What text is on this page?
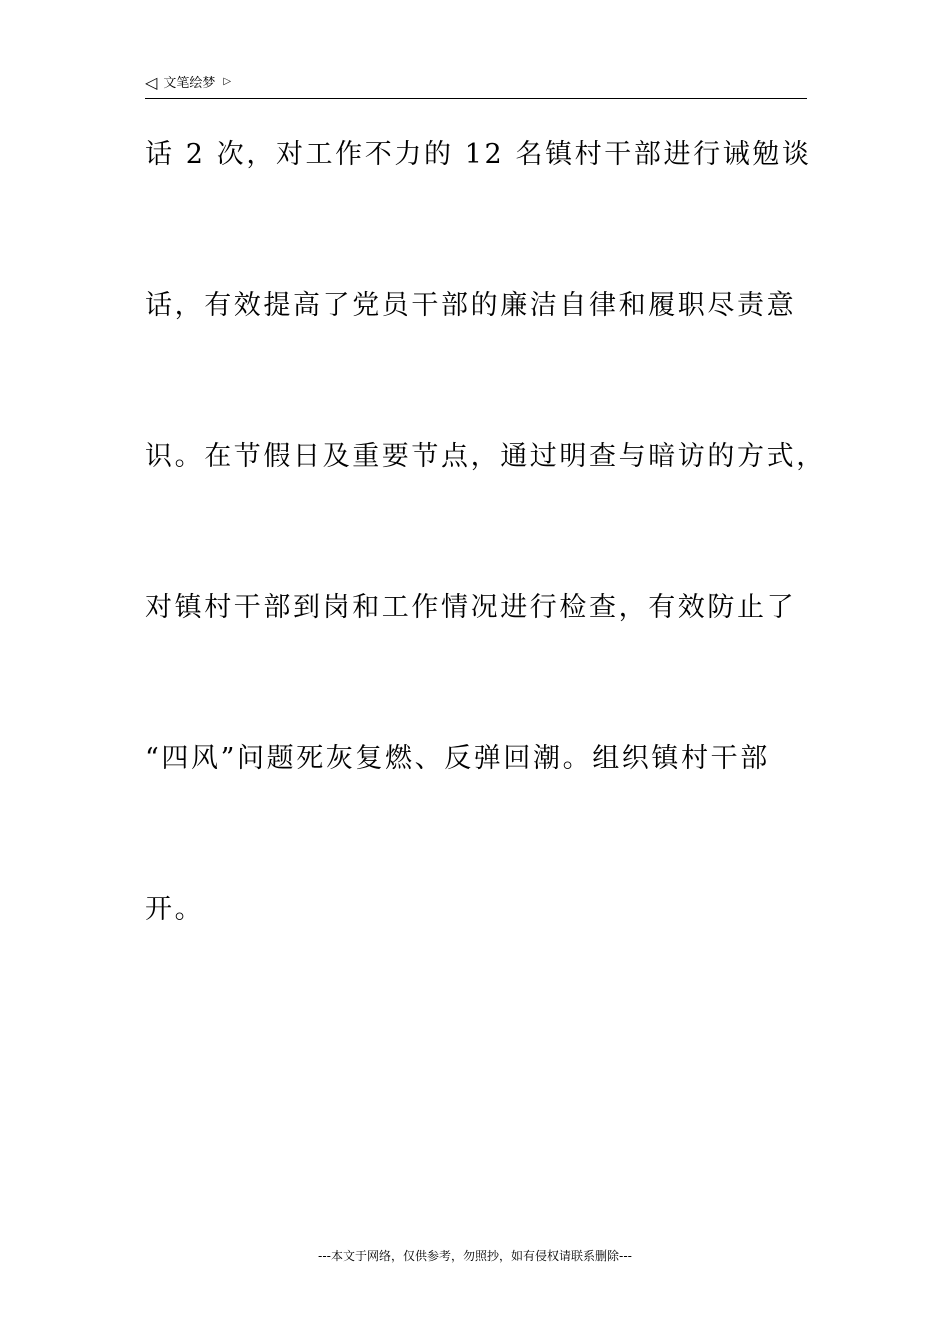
◁ 文笔绘梦 ▷
话 2 次，对工作不力的 12 名镇村干部进行诫勉谈
话，有效提高了党员干部的廉洁自律和履职尽责意
识。在节假日及重要节点，通过明查与暗访的方式，
对镇村干部到岗和工作情况进行检查，有效防止了
“四风”问题死灰复燃、反弹回潮。组织镇村干部
开。
---本文于网络，仅供参考，勿照抄，如有侵权请联系删除---
